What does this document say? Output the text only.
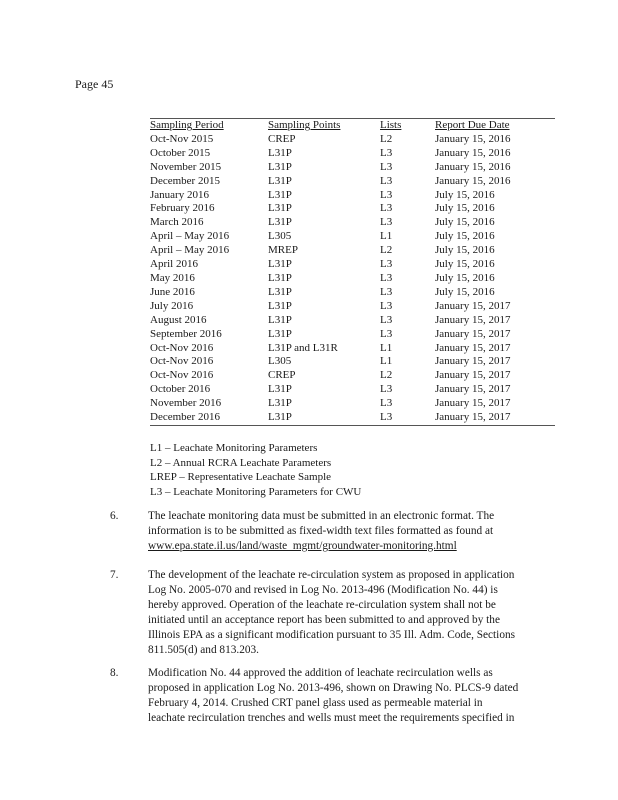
Page 45
Sampling Period	Sampling Points	Lists	Report Due Date
Oct-Nov 2015	CREP	L2	January 15, 2016
October 2015	L31P	L3	January 15, 2016
November 2015	L31P	L3	January 15, 2016
December 2015	L31P	L3	January 15, 2016
January 2016	L31P	L3	July 15, 2016
February 2016	L31P	L3	July 15, 2016
March 2016	L31P	L3	July 15, 2016
April – May 2016	L305	L1	July 15, 2016
April – May 2016	MREP	L2	July 15, 2016
April 2016	L31P	L3	July 15, 2016
May 2016	L31P	L3	July 15, 2016
June 2016	L31P	L3	July 15, 2016
July 2016	L31P	L3	January 15, 2017
August 2016	L31P	L3	January 15, 2017
September 2016	L31P	L3	January 15, 2017
Oct-Nov 2016	L31P and L31R	L1	January 15, 2017
Oct-Nov 2016	L305	L1	January 15, 2017
Oct-Nov 2016	CREP	L2	January 15, 2017
October 2016	L31P	L3	January 15, 2017
November 2016	L31P	L3	January 15, 2017
December 2016	L31P	L3	January 15, 2017
L1 – Leachate Monitoring Parameters
L2 – Annual RCRA Leachate Parameters
LREP – Representative Leachate Sample
L3 – Leachate Monitoring Parameters for CWU
6.	The leachate monitoring data must be submitted in an electronic format. The
information is to be submitted as fixed-width text files formatted as found at
www.epa.state.il.us/land/waste_mgmt/groundwater-monitoring.html
7.	The development of the leachate re-circulation system as proposed in application
Log No. 2005-070 and revised in Log No. 2013-496 (Modification No. 44) is
hereby approved. Operation of the leachate re-circulation system shall not be
initiated until an acceptance report has been submitted to and approved by the
Illinois EPA as a significant modification pursuant to 35 Ill. Adm. Code, Sections
811.505(d) and 813.203.
8.	Modification No. 44 approved the addition of leachate recirculation wells as
proposed in application Log No. 2013-496, shown on Drawing No. PLCS-9 dated
February 4, 2014. Crushed CRT panel glass used as permeable material in
leachate recirculation trenches and wells must meet the requirements specified in
